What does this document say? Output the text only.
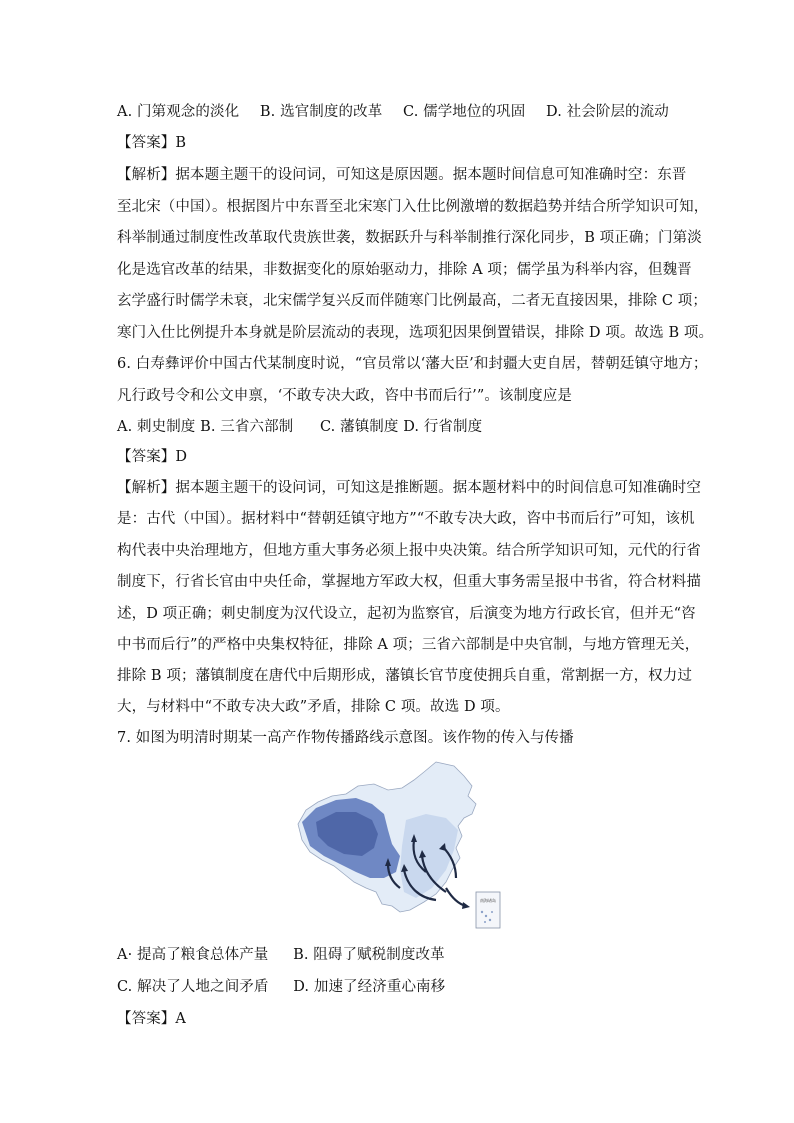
A. 门第观念的淡化 B. 选官制度的改革 C. 儒学地位的巩固 D. 社会阶层的流动
【答案】B
【解析】据本题主题干的设问词，可知这是原因题。据本题时间信息可知准确时空：东晋
至北宋（中国）。根据图片中东晋至北宋寒门入仕比例激增的数据趋势并结合所学知识可知，
科举制通过制度性改革取代贵族世袭，数据跃升与科举制推行深化同步，B 项正确；门第淡
化是选官改革的结果，非数据变化的原始驱动力，排除 A 项；儒学虽为科举内容，但魏晋
玄学盛行时儒学未衰，北宋儒学复兴反而伴随寒门比例最高，二者无直接因果，排除 C 项；
寒门入仕比例提升本身就是阶层流动的表现，选项犯因果倒置错误，排除 D 项。故选 B 项。
6. 白寿彝评价中国古代某制度时说，“官员常以‘藩大臣’和封疆大吏自居，替朝廷镇守地方；
凡行政号令和公文申禀，‘不敢专决大政，咨中书而后行’”。该制度应是
A. 刺史制度 B. 三省六部制 C. 藩镇制度 D. 行省制度
【答案】D
【解析】据本题主题干的设问词，可知这是推断题。据本题材料中的时间信息可知准确时空
是：古代（中国）。据材料中“替朝廷镇守地方”“不敢专决大政，咨中书而后行”可知，该机
构代表中央治理地方，但地方重大事务必须上报中央决策。结合所学知识可知，元代的行省
制度下，行省长官由中央任命，掌握地方军政大权，但重大事务需呈报中书省，符合材料描
述，D 项正确；刺史制度为汉代设立，起初为监察官，后演变为地方行政长官，但并无“咨
中书而后行”的严格中央集权特征，排除 A 项；三省六部制是中央官制，与地方管理无关，
排除 B 项；藩镇制度在唐代中后期形成，藩镇长官节度使拥兵自重，常割据一方，权力过
大，与材料中“不敢专决大政”矛盾，排除 C 项。故选 D 项。
7. 如图为明清时期某一高产作物传播路线示意图。该作物的传入与传播
南海诸岛
A· 提高了粮食总体产量 B. 阻碍了赋税制度改革
C. 解决了人地之间矛盾 D. 加速了经济重心南移
【答案】A
